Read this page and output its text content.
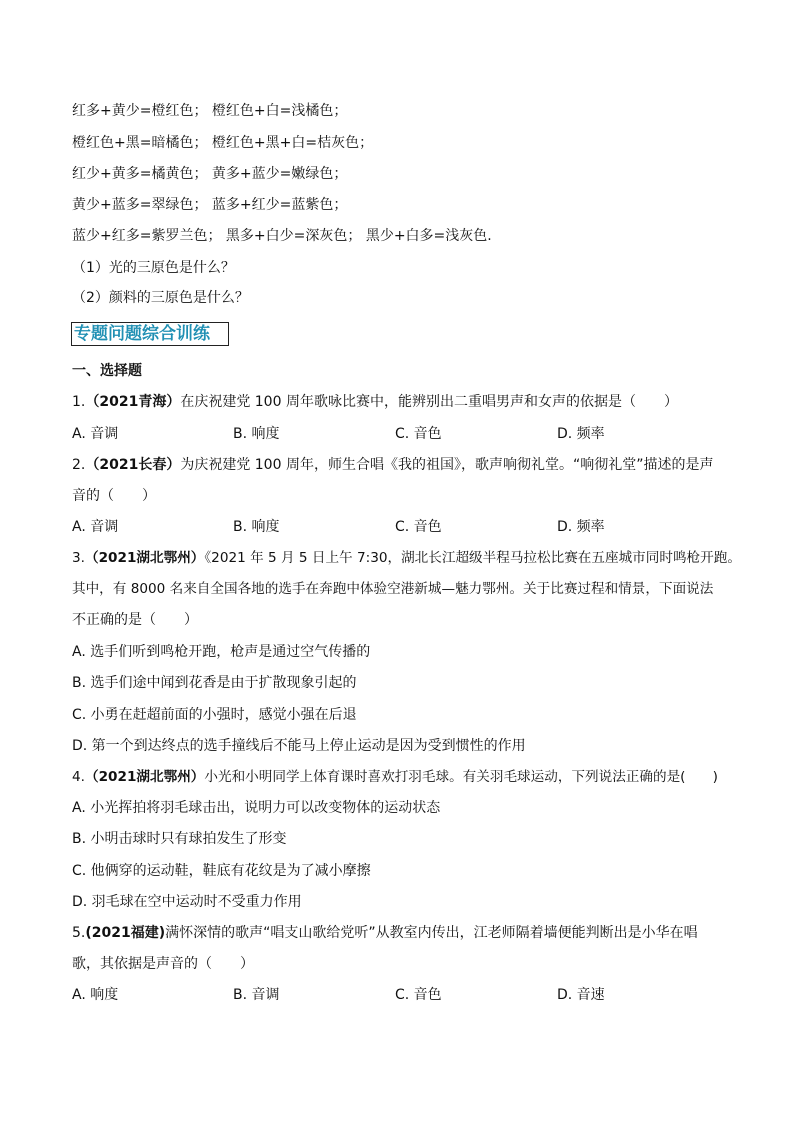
红多+黄少=橙红色； 橙红色+白=浅橘色；
橙红色+黑=暗橘色； 橙红色+黑+白=桔灰色；
红少+黄多=橘黄色； 黄多+蓝少=嫩绿色；
黄少+蓝多=翠绿色； 蓝多+红少=蓝紫色；
蓝少+红多=紫罗兰色； 黑多+白少=深灰色； 黑少+白多=浅灰色.
（1）光的三原色是什么？
（2）颜料的三原色是什么？
专题问题综合训练
一、选择题
1.（2021青海）在庆祝建党 100 周年歌咏比赛中，能辨别出二重唱男声和女声的依据是（　　）
A. 音调	B. 响度	C. 音色	D. 频率
2.（2021长春）为庆祝建党 100 周年，师生合唱《我的祖国》，歌声响彻礼堂。“响彻礼堂”描述的是声
音的（　　）
A. 音调	B. 响度	C. 音色	D. 频率
3.（2021湖北鄂州）《2021 年 5 月 5 日上午 7:30，湖北长江超级半程马拉松比赛在五座城市同时鸣枪开跑。
其中，有 8000 名来自全国各地的选手在奔跑中体验空港新城—魅力鄂州。关于比赛过程和情景，下面说法
不正确的是（　　）
A. 选手们听到鸣枪开跑，枪声是通过空气传播的
B. 选手们途中闻到花香是由于扩散现象引起的
C. 小勇在赶超前面的小强时，感觉小强在后退
D. 第一个到达终点的选手撞线后不能马上停止运动是因为受到惯性的作用
4.（2021湖北鄂州）小光和小明同学上体育课时喜欢打羽毛球。有关羽毛球运动，下列说法正确的是(　　)
A. 小光挥拍将羽毛球击出，说明力可以改变物体的运动状态
B. 小明击球时只有球拍发生了形变
C. 他俩穿的运动鞋，鞋底有花纹是为了减小摩擦
D. 羽毛球在空中运动时不受重力作用
5.(2021福建)满怀深情的歌声“唱支山歌给党听”从教室内传出，江老师隔着墙便能判断出是小华在唱
歌，其依据是声音的（　　）
A. 响度	B. 音调	C. 音色	D. 音速
